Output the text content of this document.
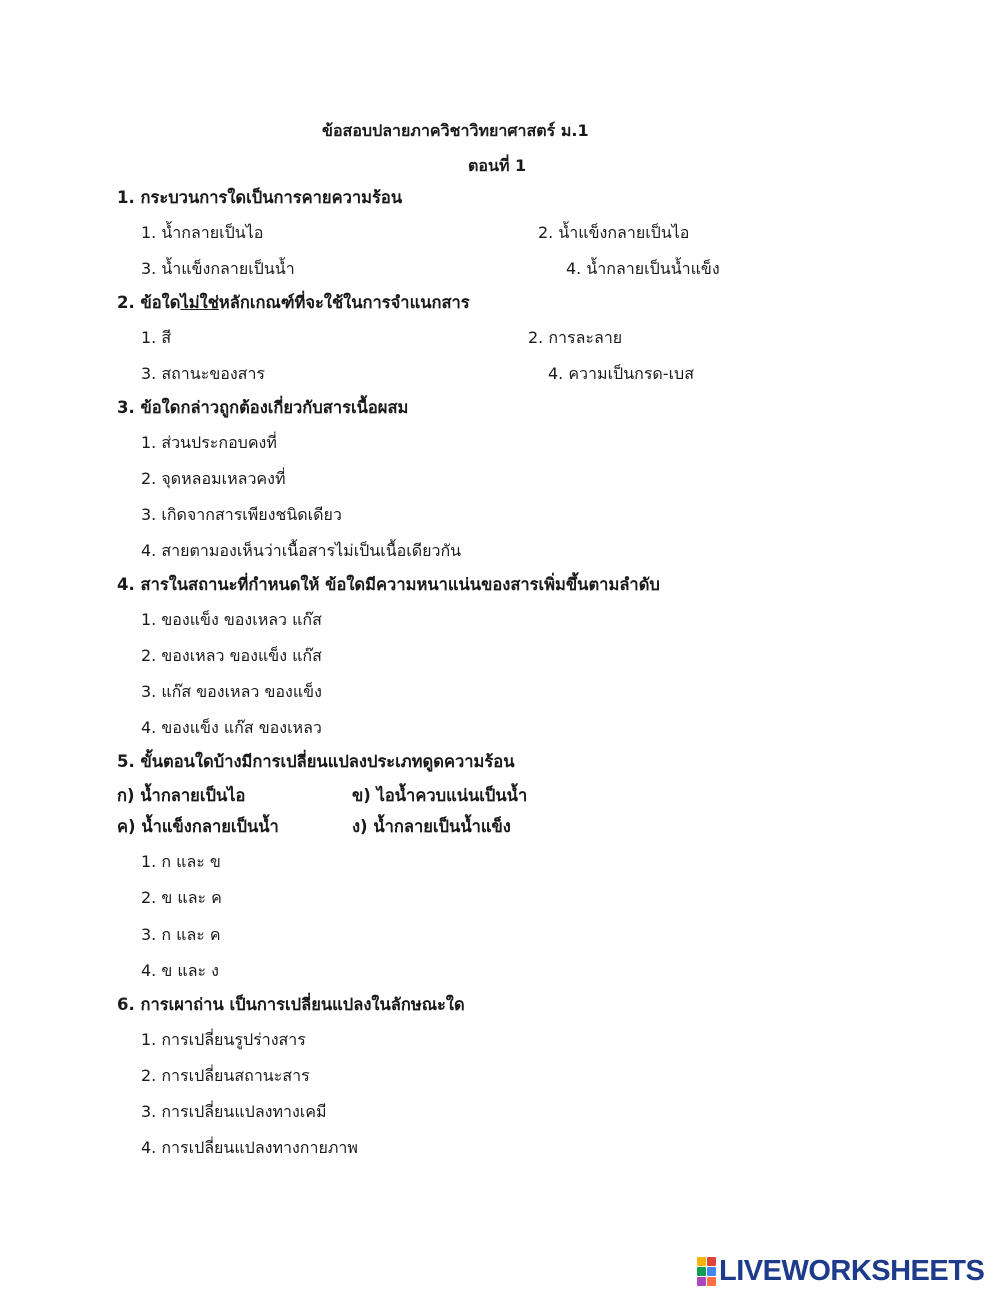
ข้อสอบปลายภาควิชาวิทยาศาสตร์ ม.1
ตอนที่ 1
1. กระบวนการใดเป็นการคายความร้อน
1. น้ำกลายเป็นไอ	2. น้ำแข็งกลายเป็นไอ
3. น้ำแข็งกลายเป็นน้ำ	4. น้ำกลายเป็นน้ำแข็ง
2. ข้อใดไม่ใช่หลักเกณฑ์ที่จะใช้ในการจำแนกสาร
1. สี	2. การละลาย
3. สถานะของสาร	4. ความเป็นกรด-เบส
3. ข้อใดกล่าวถูกต้องเกี่ยวกับสารเนื้อผสม
1. ส่วนประกอบคงที่
2. จุดหลอมเหลวคงที่
3. เกิดจากสารเพียงชนิดเดียว
4. สายตามองเห็นว่าเนื้อสารไม่เป็นเนื้อเดียวกัน
4. สารในสถานะที่กำหนดให้ ข้อใดมีความหนาแน่นของสารเพิ่มขึ้นตามลำดับ
1. ของแข็ง ของเหลว แก๊ส
2. ของเหลว ของแข็ง แก๊ส
3. แก๊ส ของเหลว ของแข็ง
4. ของแข็ง แก๊ส ของเหลว
5. ขั้นตอนใดบ้างมีการเปลี่ยนแปลงประเภทดูดความร้อน
ก) น้ำกลายเป็นไอ	ข) ไอน้ำควบแน่นเป็นน้ำ
ค) น้ำแข็งกลายเป็นน้ำ	ง) น้ำกลายเป็นน้ำแข็ง
1. ก และ ข
2. ข และ ค
3. ก และ ค
4. ข และ ง
6. การเผาถ่าน เป็นการเปลี่ยนแปลงในลักษณะใด
1. การเปลี่ยนรูปร่างสาร
2. การเปลี่ยนสถานะสาร
3. การเปลี่ยนแปลงทางเคมี
4. การเปลี่ยนแปลงทางกายภาพ
LIVEWORKSHEETS
